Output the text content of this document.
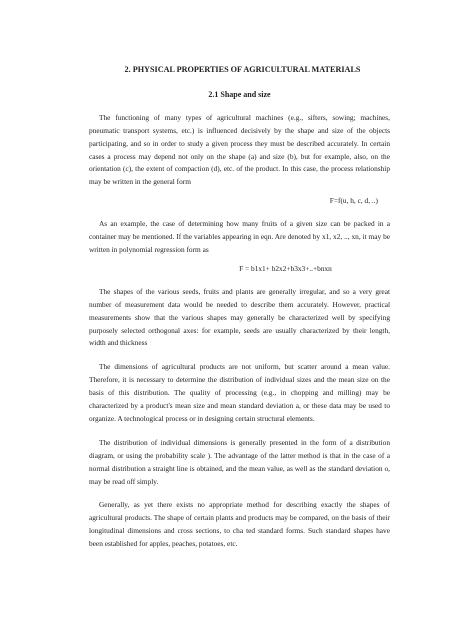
2. PHYSICAL PROPERTIES OF AGRICULTURAL MATERIALS
2.1 Shape and size

The functioning of many types of agricultural machines (e.g., sifters, sowing; machines, pneumatic transport systems, etc.) is influenced decisively by the shape and size of the objects participating, and so in order to study a given process they must be described accurately. In certain cases a process may depend not only on the shape (a) and size (b), but for example, also, on the orientation (c), the extent of compaction (d), etc. of the product. In this case, the process relationship may be written in the general form

F=f(u, h, c, d, ..)

As an example, the case of determining how many fruits of a given size can be packed in a container may be mentioned. If the variables appearing in eqn. Are denoted by x1, x2, .., xn, it may be written in polynomial regression form as

F = b1x1+ b2x2+b3x3+..+bnxn

The shapes of the various seeds, fruits and plants are generally irregular, and so a very great number of measurement data would be needed to describe them accurately. However, practical measurements show that the various shapes may generally be characterized well by specifying purposely selected orthogonal axes: for example, seeds are usually characterized by their length, width and thickness

The dimensions of agricultural products are not uniform, but scatter around a mean value. Therefore, it is necessary to determine the distribution of individual sizes and the mean size on the basis of this distribution. The quality of processing (e.g., in chopping and milling) may be characterized by a product's mean size and mean standard deviation a, or these data may be used to organize. A technological process or in designing certain structural elements.

The distribution of individual dimensions is generally presented in the form of a distribution diagram, or using the probability scale ). The advantage of the latter method is that in the case of a normal distribution a straight line is obtained, and the mean value, as well as the standard deviation o, may be read off simply.

Generally, as yet there exists no appropriate method for describing exactly the shapes of agricultural products. The shape of certain plants and products may be compared, on the basis of their longitudinal dimensions and cross sections, to cha ted standard forms. Such standard shapes have been established for apples, peaches, potatoes, etc.
